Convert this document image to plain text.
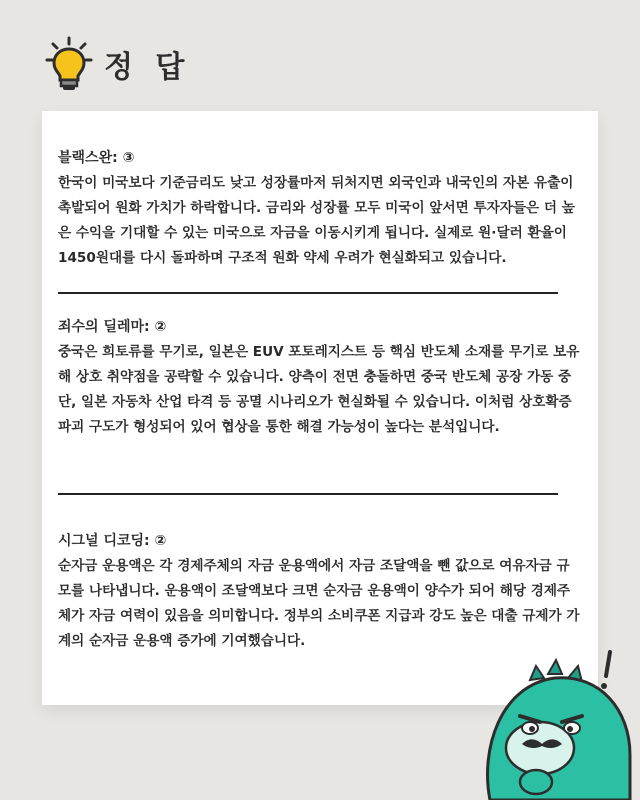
정 답

블랙스완: ③

한국이 미국보다 기준금리도 낮고 성장률마저 뒤처지면 외국인과 내국인의 자본 유출이 촉발되어 원화 가치가 하락합니다. 금리와 성장률 모두 미국이 앞서면 투자자들은 더 높은 수익을 기대할 수 있는 미국으로 자금을 이동시키게 됩니다. 실제로 원·달러 환율이 1450원대를 다시 돌파하며 구조적 원화 약세 우려가 현실화되고 있습니다.

죄수의 딜레마: ②

중국은 희토류를 무기로, 일본은 EUV 포토레지스트 등 핵심 반도체 소재를 무기로 보유해 상호 취약점을 공략할 수 있습니다. 양측이 전면 충돌하면 중국 반도체 공장 가동 중단, 일본 자동차 산업 타격 등 공멸 시나리오가 현실화될 수 있습니다. 이처럼 상호확증파괴 구도가 형성되어 있어 협상을 통한 해결 가능성이 높다는 분석입니다.

시그널 디코딩: ②

순자금 운용액은 각 경제주체의 자금 운용액에서 자금 조달액을 뺀 값으로 여유자금 규모를 나타냅니다. 운용액이 조달액보다 크면 순자금 운용액이 양수가 되어 해당 경제주체가 자금 여력이 있음을 의미합니다. 정부의 소비쿠폰 지급과 강도 높은 대출 규제가 가계의 순자금 운용액 증가에 기여했습니다.
